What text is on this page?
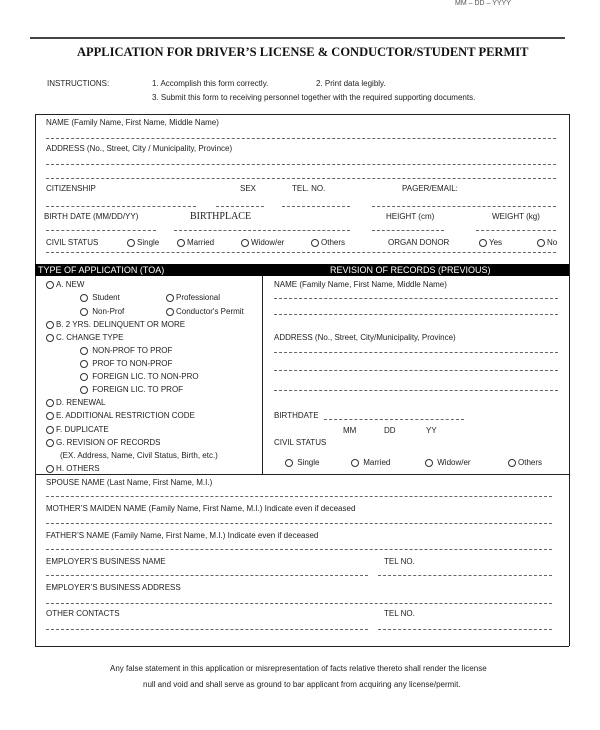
MM – DD – YYYY
APPLICATION FOR DRIVER’S LICENSE & CONDUCTOR/STUDENT PERMIT
INSTRUCTIONS:	1. Accomplish this form correctly.	2. Print data legibly.
3. Submit this form to receiving personnel together with the required supporting documents.
NAME (Family Name, First Name, Middle Name)
ADDRESS (No., Street, City / Municipality, Province)
CITIZENSHIP	SEX	TEL. NO.	PAGER/EMAIL:
BIRTH DATE (MM/DD/YY)	BIRTHPLACE	HEIGHT (cm)	WEIGHT (kg)
CIVIL STATUS	Single	Married	Widow/er	Others	ORGAN DONOR	Yes	No
TYPE OF APPLICATION (TOA)	REVISION OF RECORDS (PREVIOUS)
A. NEW
Student	Professional
Non-Prof	Conductor's Permit
B. 2 YRS. DELINQUENT OR MORE
C. CHANGE TYPE
NON-PROF TO PROF
PROF TO NON-PROF
FOREIGN LIC. TO NON-PRO
FOREIGN LIC. TO PROF
D. RENEWAL
E. ADDITIONAL RESTRICTION CODE
F. DUPLICATE
G. REVISION OF RECORDS
(EX. Address, Name, Civil Status, Birth, etc.)
H. OTHERS
NAME (Family Name, First Name, Middle Name)
ADDRESS (No., Street, City/Municipality, Province)
BIRTHDATE
MM	DD	YY
CIVIL STATUS
Single	Married	Widow/er	Others
SPOUSE NAME (Last Name, First Name, M.I.)
MOTHER’S MAIDEN NAME (Family Name, First Name, M.I.) Indicate even if deceased
FATHER’S NAME (Family Name, First Name, M.I.) Indicate even if deceased
EMPLOYER’S BUSINESS NAME	TEL NO.
EMPLOYER’S BUSINESS ADDRESS
OTHER CONTACTS	TEL NO.
Any false statement in this application or misrepresentation of facts relative thereto shall render the license
null and void and shall serve as ground to bar applicant from acquiring any license/permit.
